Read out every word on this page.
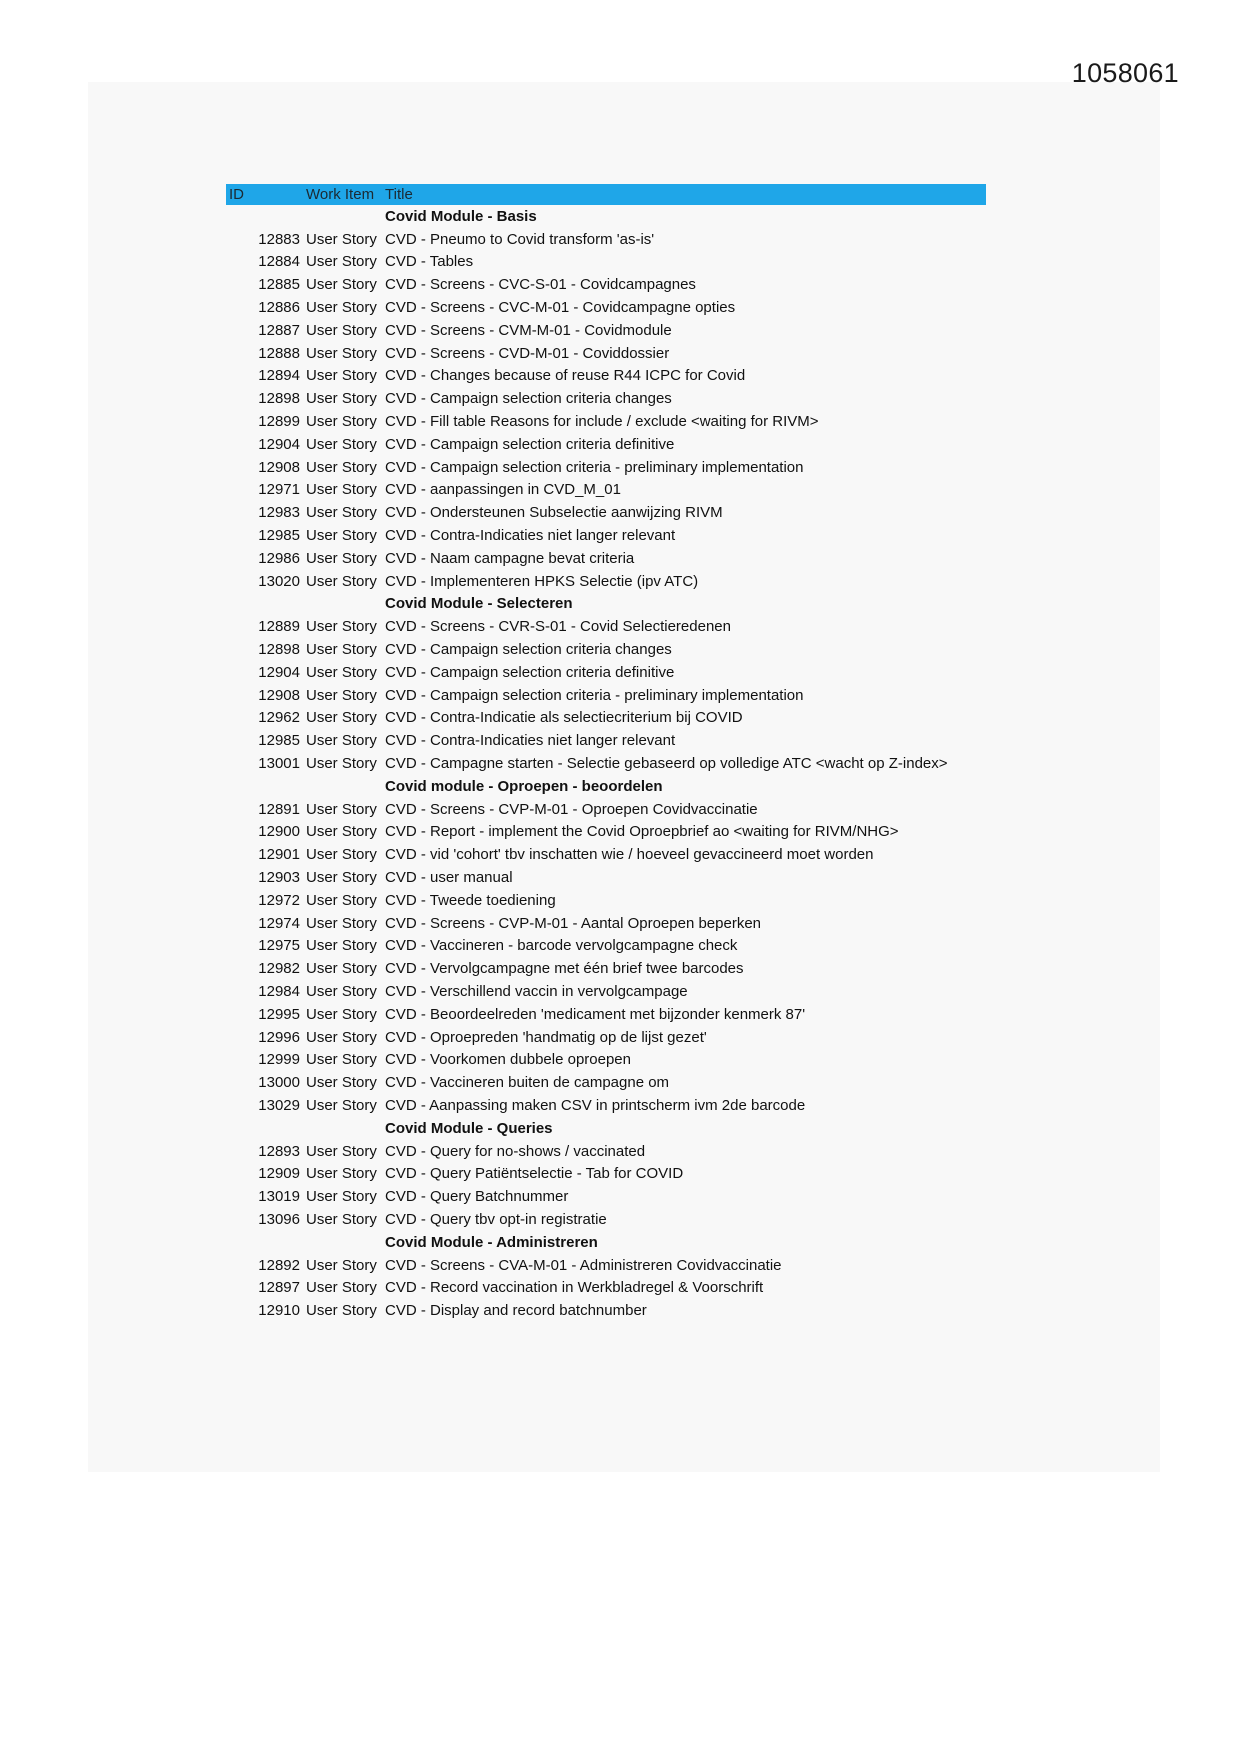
1058061
ID	Work Item Title
Covid Module - Basis
12883 User Story CVD - Pneumo to Covid transform 'as-is'
12884 User Story CVD - Tables
12885 User Story CVD - Screens - CVC-S-01 - Covidcampagnes
12886 User Story CVD - Screens - CVC-M-01 - Covidcampagne opties
12887 User Story CVD - Screens - CVM-M-01 - Covidmodule
12888 User Story CVD - Screens - CVD-M-01 - Coviddossier
12894 User Story CVD - Changes because of reuse R44 ICPC for Covid
12898 User Story CVD - Campaign selection criteria changes
12899 User Story CVD - Fill table Reasons for include / exclude <waiting for RIVM>
12904 User Story CVD - Campaign selection criteria definitive
12908 User Story CVD - Campaign selection criteria - preliminary implementation
12971 User Story CVD - aanpassingen in CVD_M_01
12983 User Story CVD - Ondersteunen Subselectie aanwijzing RIVM
12985 User Story CVD - Contra-Indicaties niet langer relevant
12986 User Story CVD - Naam campagne bevat criteria
13020 User Story CVD - Implementeren HPKS Selectie (ipv ATC)
Covid Module - Selecteren
12889 User Story CVD - Screens - CVR-S-01 - Covid Selectieredenen
12898 User Story CVD - Campaign selection criteria changes
12904 User Story CVD - Campaign selection criteria definitive
12908 User Story CVD - Campaign selection criteria - preliminary implementation
12962 User Story CVD - Contra-Indicatie als selectiecriterium bij COVID
12985 User Story CVD - Contra-Indicaties niet langer relevant
13001 User Story CVD - Campagne starten - Selectie gebaseerd op volledige ATC <wacht op Z-index>
Covid module - Oproepen - beoordelen
12891 User Story CVD - Screens - CVP-M-01 - Oproepen Covidvaccinatie
12900 User Story CVD - Report - implement the Covid Oproepbrief ao <waiting for RIVM/NHG>
12901 User Story CVD - vid 'cohort' tbv inschatten wie / hoeveel gevaccineerd moet worden
12903 User Story CVD - user manual
12972 User Story CVD - Tweede toediening
12974 User Story CVD - Screens - CVP-M-01 - Aantal Oproepen beperken
12975 User Story CVD - Vaccineren - barcode vervolgcampagne check
12982 User Story CVD - Vervolgcampagne met één brief twee barcodes
12984 User Story CVD - Verschillend vaccin in vervolgcampage
12995 User Story CVD - Beoordeelreden 'medicament met bijzonder kenmerk 87'
12996 User Story CVD - Oproepreden 'handmatig op de lijst gezet'
12999 User Story CVD - Voorkomen dubbele oproepen
13000 User Story CVD - Vaccineren buiten de campagne om
13029 User Story CVD - Aanpassing maken CSV in printscherm ivm 2de barcode
Covid Module - Queries
12893 User Story CVD - Query for no-shows / vaccinated
12909 User Story CVD - Query Patiëntselectie - Tab for COVID
13019 User Story CVD - Query Batchnummer
13096 User Story CVD - Query tbv opt-in registratie
Covid Module - Administreren
12892 User Story CVD - Screens - CVA-M-01 - Administreren Covidvaccinatie
12897 User Story CVD - Record vaccination in Werkbladregel & Voorschrift
12910 User Story CVD - Display and record batchnumber
